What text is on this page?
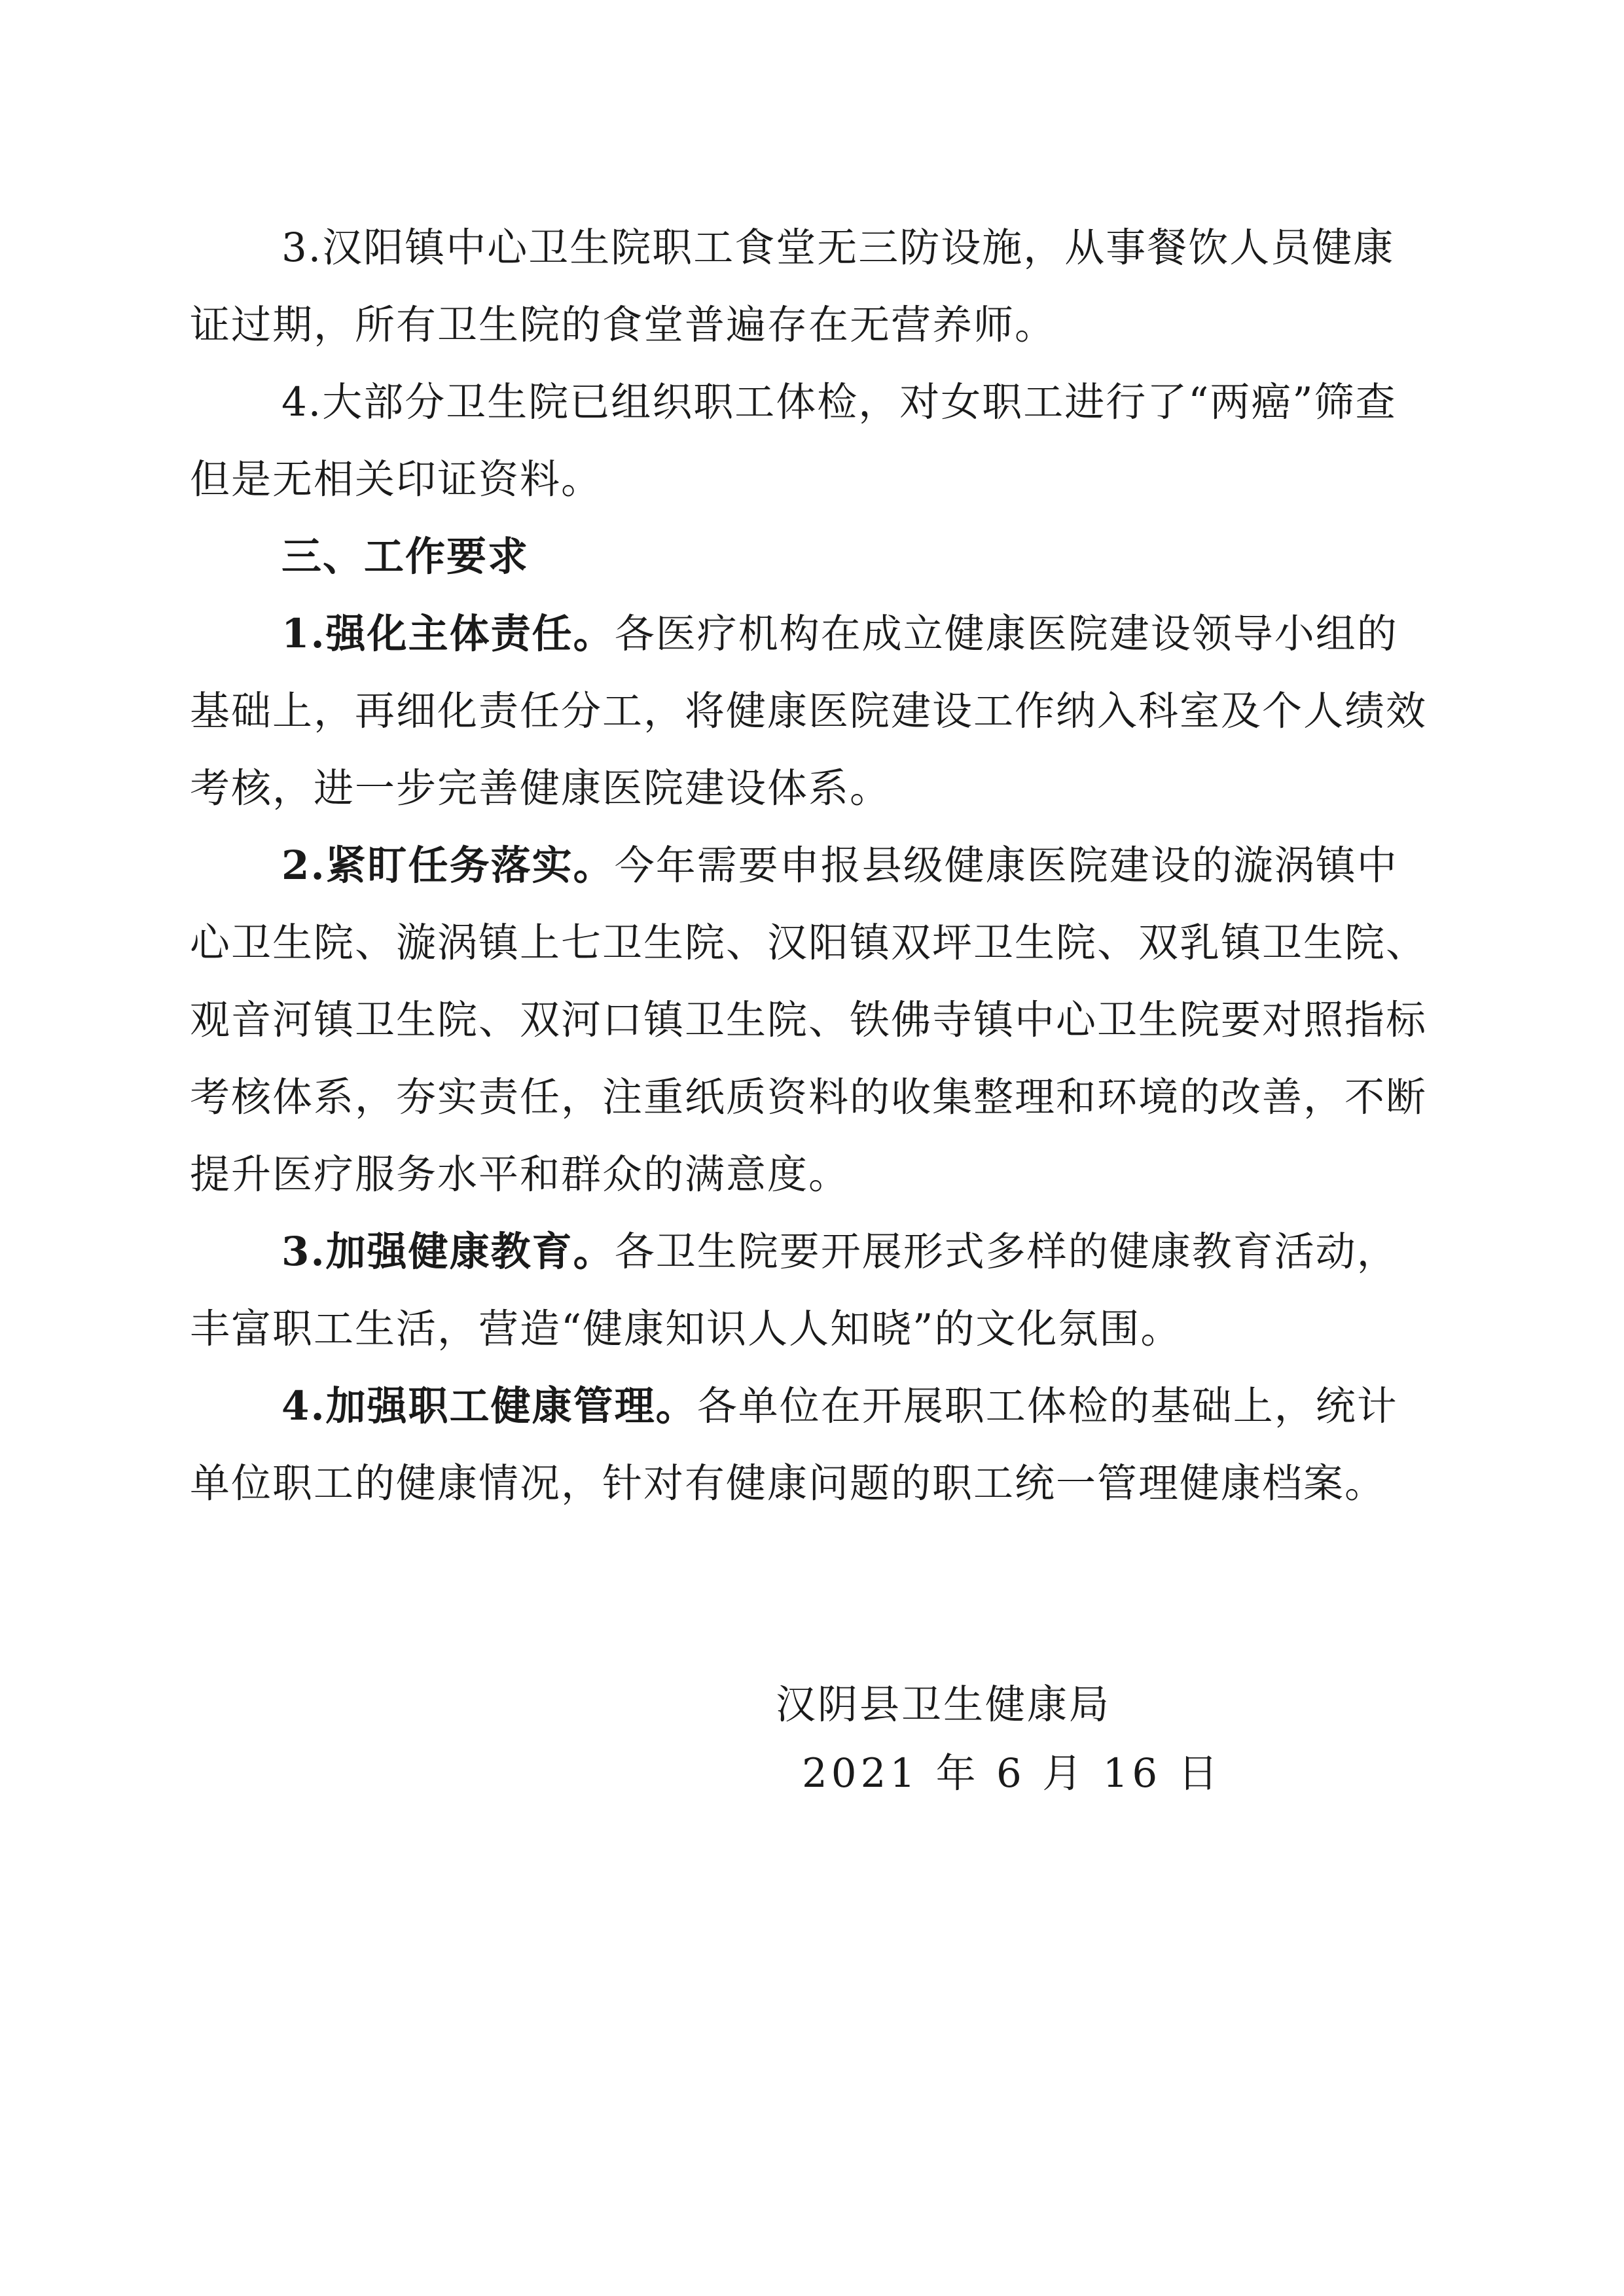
3.汉阳镇中心卫生院职工食堂无三防设施，从事餐饮人员健康证过期，所有卫生院的食堂普遍存在无营养师。

4.大部分卫生院已组织职工体检，对女职工进行了“两癌”筛查但是无相关印证资料。

三、工作要求

1.强化主体责任。各医疗机构在成立健康医院建设领导小组的基础上，再细化责任分工，将健康医院建设工作纳入科室及个人绩效考核，进一步完善健康医院建设体系。

2.紧盯任务落实。今年需要申报县级健康医院建设的漩涡镇中心卫生院、漩涡镇上七卫生院、汉阳镇双坪卫生院、双乳镇卫生院、观音河镇卫生院、双河口镇卫生院、铁佛寺镇中心卫生院要对照指标考核体系，夯实责任，注重纸质资料的收集整理和环境的改善，不断提升医疗服务水平和群众的满意度。

3.加强健康教育。各卫生院要开展形式多样的健康教育活动，丰富职工生活，营造“健康知识人人知晓”的文化氛围。

4.加强职工健康管理。各单位在开展职工体检的基础上，统计单位职工的健康情况，针对有健康问题的职工统一管理健康档案。

汉阴县卫生健康局
2021 年 6 月 16 日
